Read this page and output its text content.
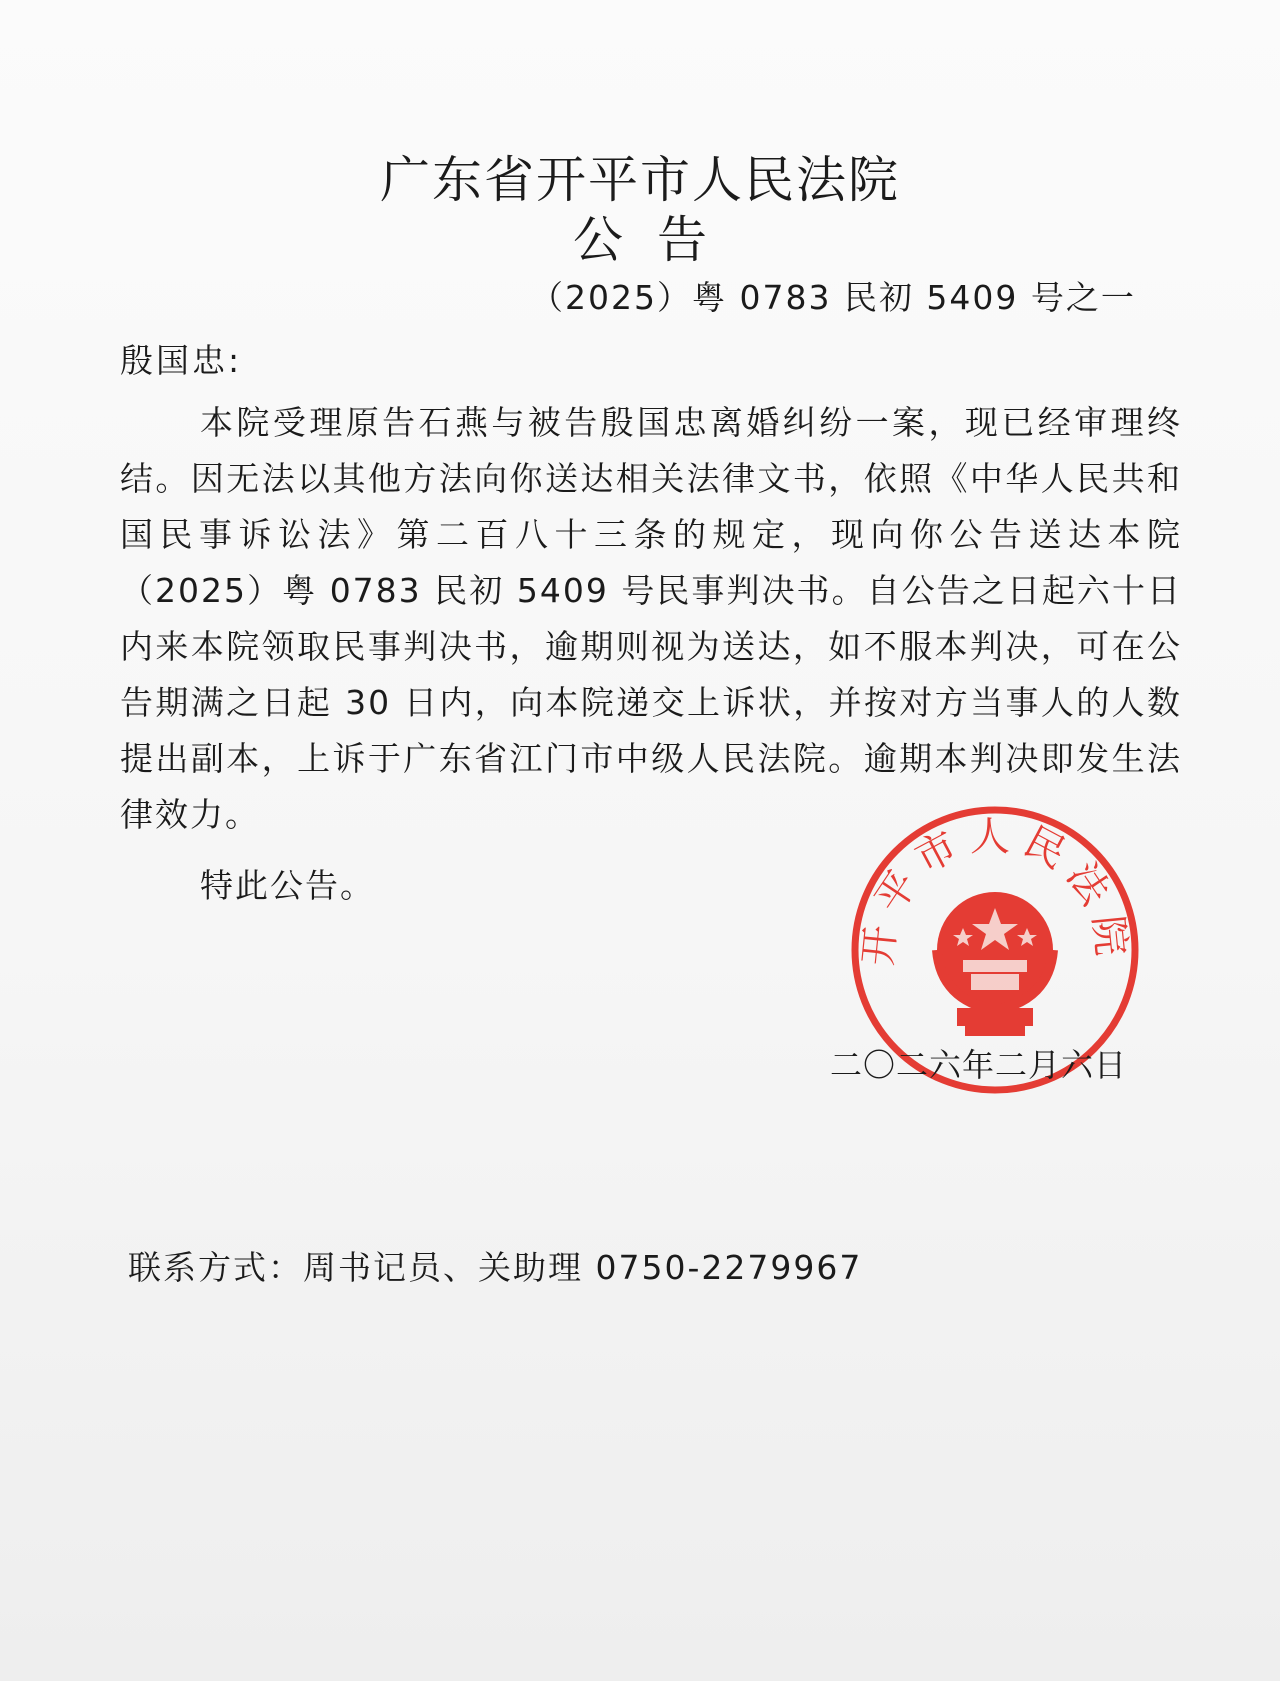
广东省开平市人民法院
公告
（2025）粤 0783 民初 5409 号之一
殷国忠:
本院受理原告石燕与被告殷国忠离婚纠纷一案，现已经审理终结。因无法以其他方法向你送达相关法律文书，依照《中华人民共和国民事诉讼法》第二百八十三条的规定，现向你公告送达本院（2025）粤 0783 民初 5409 号民事判决书。自公告之日起六十日内来本院领取民事判决书，逾期则视为送达，如不服本判决，可在公告期满之日起 30 日内，向本院递交上诉状，并按对方当事人的人数提出副本，上诉于广东省江门市中级人民法院。逾期本判决即发生法律效力。
特此公告。
开平市人民法院
二〇二六年二月六日
联系方式：周书记员、关助理 0750-2279967
